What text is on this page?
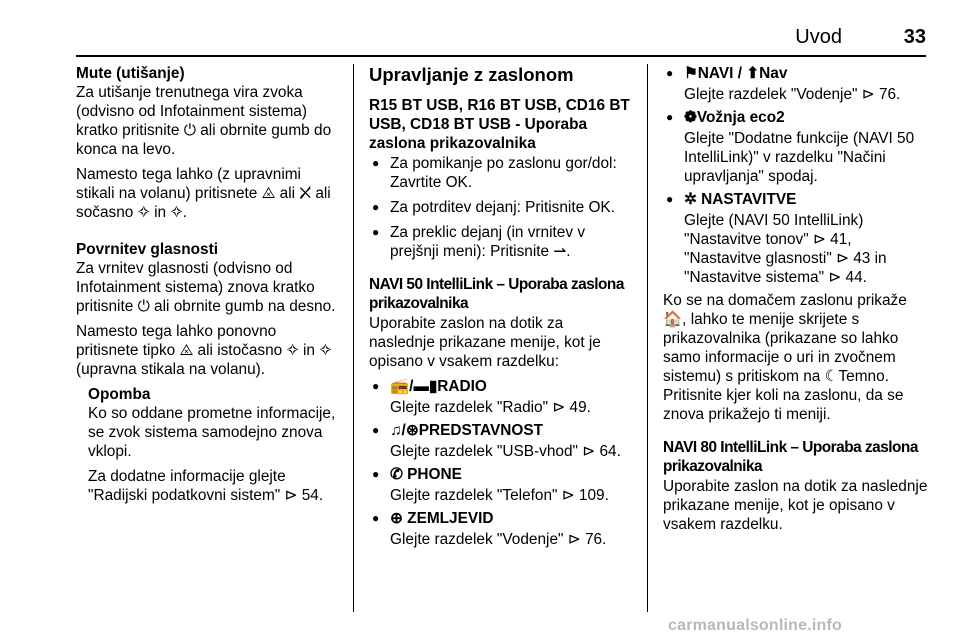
Uvod	33

Mute (utišanje)

Za utišanje trenutnega vira zvoka (odvisno od Infotainment sistema) kratko pritisnite ⏻ ali obrnite gumb do konca na levo.

Namesto tega lahko (z upravnimi stikali na volanu) pritisnete ⨻ ali ✕̸ ali sočasno ✧ in ✧.

Povrnitev glasnosti

Za vrnitev glasnosti (odvisno od Infotainment sistema) znova kratko pritisnite ⏻ ali obrnite gumb na desno.

Namesto tega lahko ponovno pritisnete tipko ⨻ ali istočasno ✧ in ✧ (upravna stikala na volanu).

Opomba

Ko so oddane prometne informacije, se zvok sistema samodejno znova vklopi.

Za dodatne informacije glejte "Radijski podatkovni sistem" ⊳ 54.

Upravljanje z zaslonom

R15 BT USB, R16 BT USB, CD16 BT USB, CD18 BT USB - Uporaba zaslona prikazovalnika

● Za pomikanje po zaslonu gor/dol: Zavrtite OK.

● Za potrditev dejanj: Pritisnite OK.

● Za preklic dejanj (in vrnitev v prejšnji meni): Pritisnite ⇀.

NAVI 50 IntelliLink – Uporaba zaslona prikazovalnika

Uporabite zaslon na dotik za naslednje prikazane menije, kot je opisano v vsakem razdelku:

● 📻/▬▮RADIO

Glejte razdelek "Radio" ⊳ 49.

● ♫/⊛PREDSTAVNOST

Glejte razdelek "USB-vhod" ⊳ 64.

● ✆ PHONE

Glejte razdelek "Telefon" ⊳ 109.

● ⊕ ZEMLJEVID

Glejte razdelek "Vodenje" ⊳ 76.

● ⚑NAVI / ⬆Nav

Glejte razdelek "Vodenje" ⊳ 76.

● ❁Vožnja eco2

Glejte "Dodatne funkcije (NAVI 50 IntelliLink)" v razdelku "Načini upravljanja" spodaj.

● ✲ NASTAVITVE

Glejte (NAVI 50 IntelliLink) "Nastavitve tonov" ⊳ 41, "Nastavitve glasnosti" ⊳ 43 in "Nastavitve sistema" ⊳ 44.

Ko se na domačem zaslonu prikaže 🏠, lahko te menije skrijete s prikazovalnika (prikazane so lahko samo informacije o uri in zvočnem sistemu) s pritiskom na ☾Temno. Pritisnite kjer koli na zaslonu, da se znova prikažejo ti meniji.

NAVI 80 IntelliLink – Uporaba zaslona prikazovalnika

Uporabite zaslon na dotik za naslednje prikazane menije, kot je opisano v vsakem razdelku.

carmanualsonline.info
